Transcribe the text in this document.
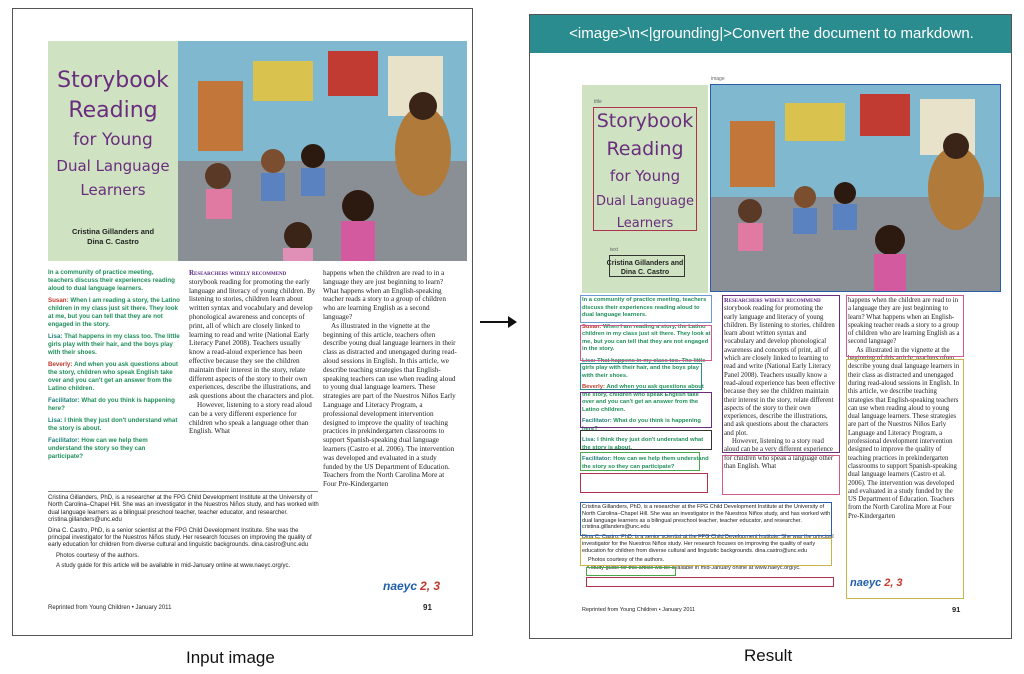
Storybook
Reading
for Young
Dual Language
Learners
Cristina Gillanders and
Dina C. Castro
In a community of practice meeting, teachers discuss their experiences reading aloud to dual language learners.
Susan: When I am reading a story, the Latino children in my class just sit there. They look at me, but you can tell that they are not engaged in the story.
Lisa: That happens in my class too. The little girls play with their hair, and the boys play with their shoes.
Beverly: And when you ask questions about the story, children who speak English take over and you can't get an answer from the Latino children.
Facilitator: What do you think is happening here?
Lisa: I think they just don't understand what the story is about.
Facilitator: How can we help them understand the story so they can participate?
Researchers widely recommend
storybook reading for promoting the early language and literacy of young children. By listening to stories, children learn about written syntax and vocabulary and develop phonological awareness and concepts of print, all of which are closely linked to learning to read and write (National Early Literacy Panel 2008). Teachers usually know a read-aloud experience has been effective because they see the children maintain their interest in the story, relate different aspects of the story to their own experiences, describe the illustrations, and ask questions about the characters and plot.
However, listening to a story read aloud can be a very different experience for children who speak a language other than English. What
happens when the children are read to in a language they are just beginning to learn? What happens when an English-speaking teacher reads a story to a group of children who are learning English as a second language?
As illustrated in the vignette at the beginning of this article, teachers often describe young dual language learners in their class as distracted and unengaged during read-aloud sessions in English. In this article, we describe teaching strategies that English-speaking teachers can use when reading aloud to young dual language learners. These strategies are part of the Nuestros Niños Early Language and Literacy Program, a professional development intervention designed to improve the quality of teaching practices in prekindergarten classrooms to support Spanish-speaking dual language learners (Castro et al. 2006). The intervention was developed and evaluated in a study funded by the US Department of Education. Teachers from the North Carolina More at Four Pre-Kindergarten
Cristina Gillanders, PhD, is a researcher at the FPG Child Development Institute at the University of North Carolina–Chapel Hill. She was an investigator in the Nuestros Niños study, and has worked with dual language learners as a bilingual preschool teacher, teacher educator, and researcher. cristina.gillanders@unc.edu
Dina C. Castro, PhD, is a senior scientist at the FPG Child Development Institute. She was the principal investigator for the Nuestros Niños study. Her research focuses on improving the quality of early education for children from diverse cultural and linguistic backgrounds. dina.castro@unc.edu
Photos courtesy of the authors.
A study guide for this article will be available in mid-January online at www.naeyc.org/yc.
naeyc 2, 3
Reprinted from Young Children • January 2011	91
<image>\n<|grounding|>Convert the document to markdown.
Storybook
Reading
for Young
Dual Language
Learners
Cristina Gillanders and
Dina C. Castro
image
title
text
In a community of practice meeting, teachers discuss their experiences reading aloud to dual language learners.
Susan: When I am reading a story, the Latino children in my class just sit there. They look at me, but you can tell that they are not engaged in the story.
Lisa: That happens in my class too. The little girls play with their hair, and the boys play with their shoes.
Beverly: And when you ask questions about the story, children who speak English take over and you can't get an answer from the Latino children.
Facilitator: What do you think is happening here?
Lisa: I think they just don't understand what the story is about.
Facilitator: How can we help them understand the story so they can participate?
Researchers widely recommend
storybook reading for promoting the early language and literacy of young children. By listening to stories, children learn about written syntax and vocabulary and develop phonological awareness and concepts of print, all of which are closely linked to learning to read and write (National Early Literacy Panel 2008). Teachers usually know a read-aloud experience has been effective because they see the children maintain their interest in the story, relate different aspects of the story to their own experiences, describe the illustrations, and ask questions about the characters and plot.
However, listening to a story read aloud can be a very different experience for children who speak a language other than English. What
happens when the children are read to in a language they are just beginning to learn? What happens when an English-speaking teacher reads a story to a group of children who are learning English as a second language?
As illustrated in the vignette at the beginning of this article, teachers often describe young dual language learners in their class as distracted and unengaged during read-aloud sessions in English. In this article, we describe teaching strategies that English-speaking teachers can use when reading aloud to young dual language learners. These strategies are part of the Nuestros Niños Early Language and Literacy Program, a professional development intervention designed to improve the quality of teaching practices in prekindergarten classrooms to support Spanish-speaking dual language learners (Castro et al. 2006). The intervention was developed and evaluated in a study funded by the US Department of Education. Teachers from the North Carolina More at Four Pre-Kindergarten
Cristina Gillanders, PhD, is a researcher at the FPG Child Development Institute at the University of North Carolina–Chapel Hill. She was an investigator in the Nuestros Niños study, and has worked with dual language learners as a bilingual preschool teacher, teacher educator, and researcher. cristina.gillanders@unc.edu
Dina C. Castro, PhD, is a senior scientist at the FPG Child Development Institute. She was the principal investigator for the Nuestros Niños study. Her research focuses on improving the quality of early education for children from diverse cultural and linguistic backgrounds. dina.castro@unc.edu
Photos courtesy of the authors.
A study guide for this article will be available in mid-January online at www.naeyc.org/yc.
naeyc 2, 3
Reprinted from Young Children • January 2011	91
Input image	Result
